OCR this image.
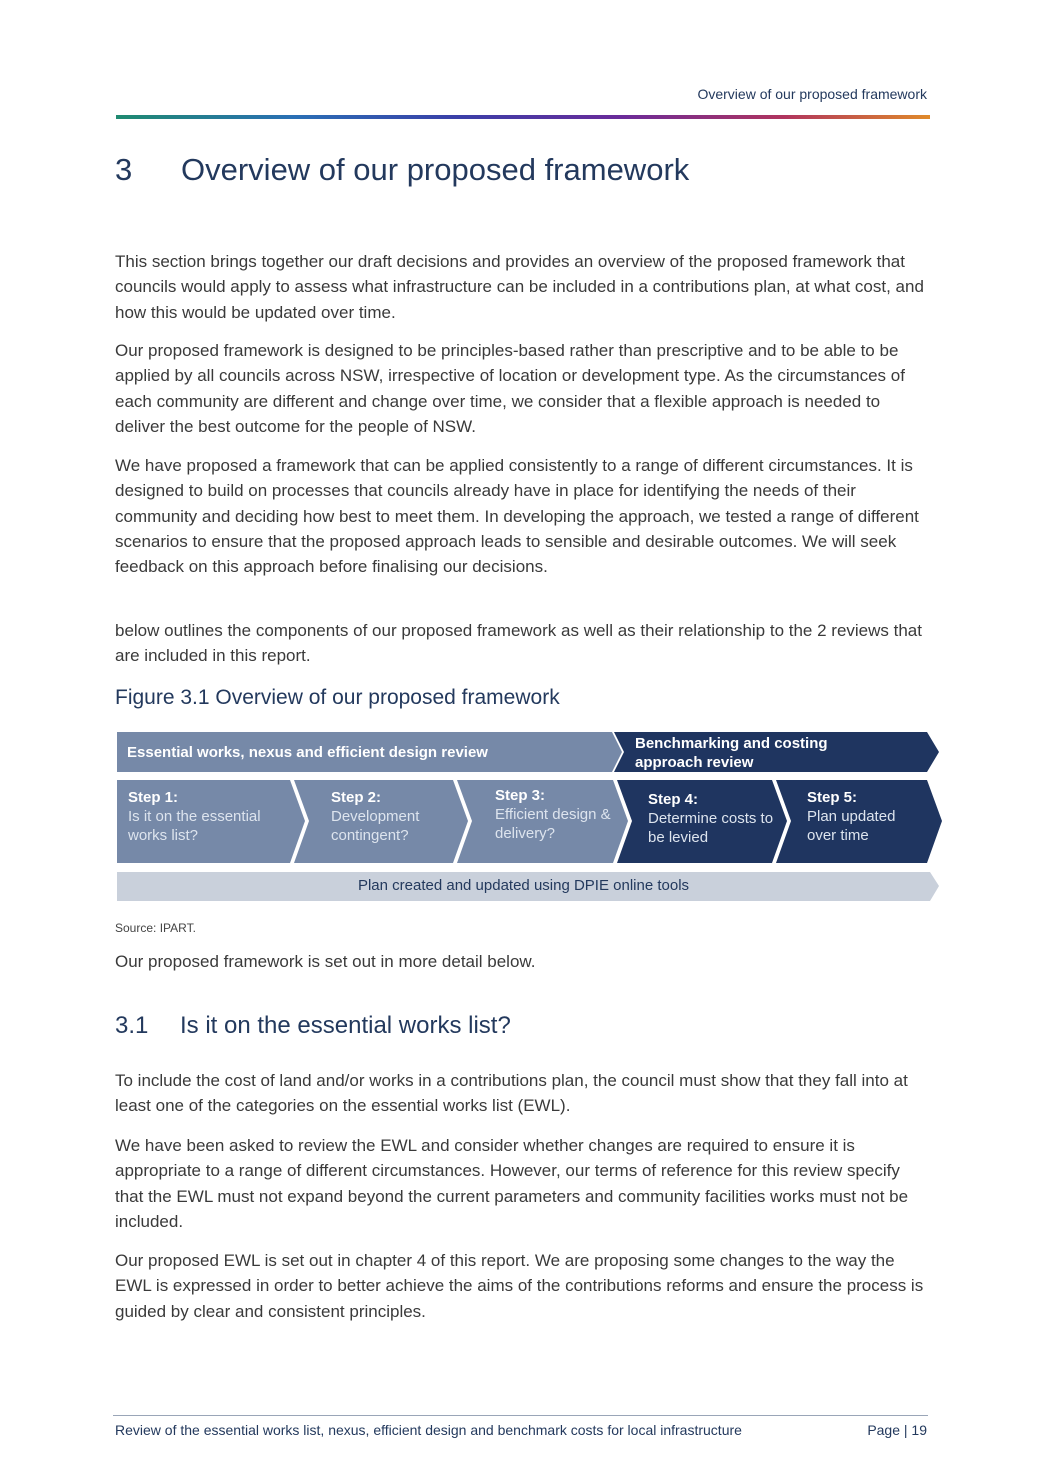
Overview of our proposed framework
3 Overview of our proposed framework

This section brings together our draft decisions and provides an overview of the proposed framework that councils would apply to assess what infrastructure can be included in a contributions plan, at what cost, and how this would be updated over time.

Our proposed framework is designed to be principles-based rather than prescriptive and to be able to be applied by all councils across NSW, irrespective of location or development type. As the circumstances of each community are different and change over time, we consider that a flexible approach is needed to deliver the best outcome for the people of NSW.

We have proposed a framework that can be applied consistently to a range of different circumstances. It is designed to build on processes that councils already have in place for identifying the needs of their community and deciding how best to meet them. In developing the approach, we tested a range of different scenarios to ensure that the proposed approach leads to sensible and desirable outcomes. We will seek feedback on this approach before finalising our decisions.

below outlines the components of our proposed framework as well as their relationship to the 2 reviews that are included in this report.

Figure 3.1 Overview of our proposed framework
Essential works, nexus and efficient design review
Benchmarking and costing approach review
Step 1:
Is it on the essential works list?
Step 2:
Development contingent?
Step 3:
Efficient design & delivery?
Step 4:
Determine costs to be levied
Step 5:
Plan updated over time
Plan created and updated using DPIE online tools
Source: IPART.

Our proposed framework is set out in more detail below.

3.1 Is it on the essential works list?

To include the cost of land and/or works in a contributions plan, the council must show that they fall into at least one of the categories on the essential works list (EWL).

We have been asked to review the EWL and consider whether changes are required to ensure it is appropriate to a range of different circumstances. However, our terms of reference for this review specify that the EWL must not expand beyond the current parameters and community facilities works must not be included.

Our proposed EWL is set out in chapter 4 of this report. We are proposing some changes to the way the EWL is expressed in order to better achieve the aims of the contributions reforms and ensure the process is guided by clear and consistent principles.

Review of the essential works list, nexus, efficient design and benchmark costs for local infrastructure	Page | 19
